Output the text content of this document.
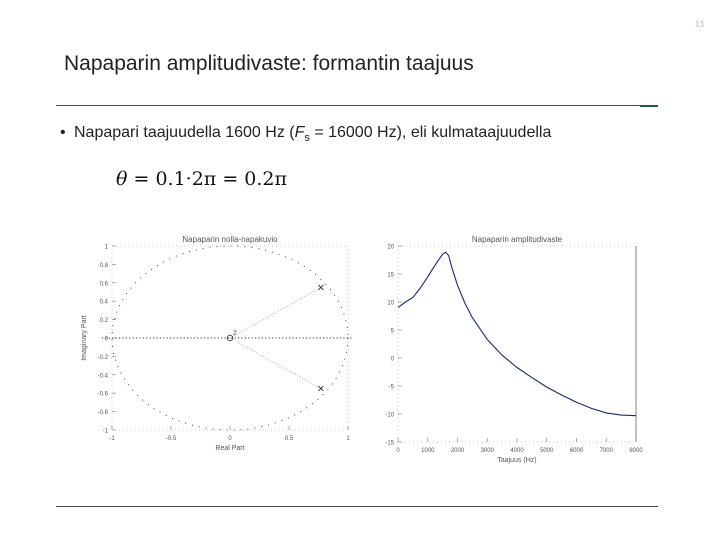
13
Napaparin amplitudivaste: formantin taajuus
• Napapari taajuudella 1600 Hz ($F_s = 16000$ Hz), eli kulmataajuudella
θ = 0.1·2π = 0.2π
Napaparin nolla-napakuvio
1
0.8
0.6
0.4
0.2
0
-0.2
-0.4
-0.6
-0.8
-1
-1	-0.5	0	0.5	1
Real Part
Imaginary Part	2
Napaparin amplitudivaste
20
15
10
5
0
-5
-10
-15
0	1000	2000	3000	4000	5000	6000	7000	8000
Taajuus (Hz)
